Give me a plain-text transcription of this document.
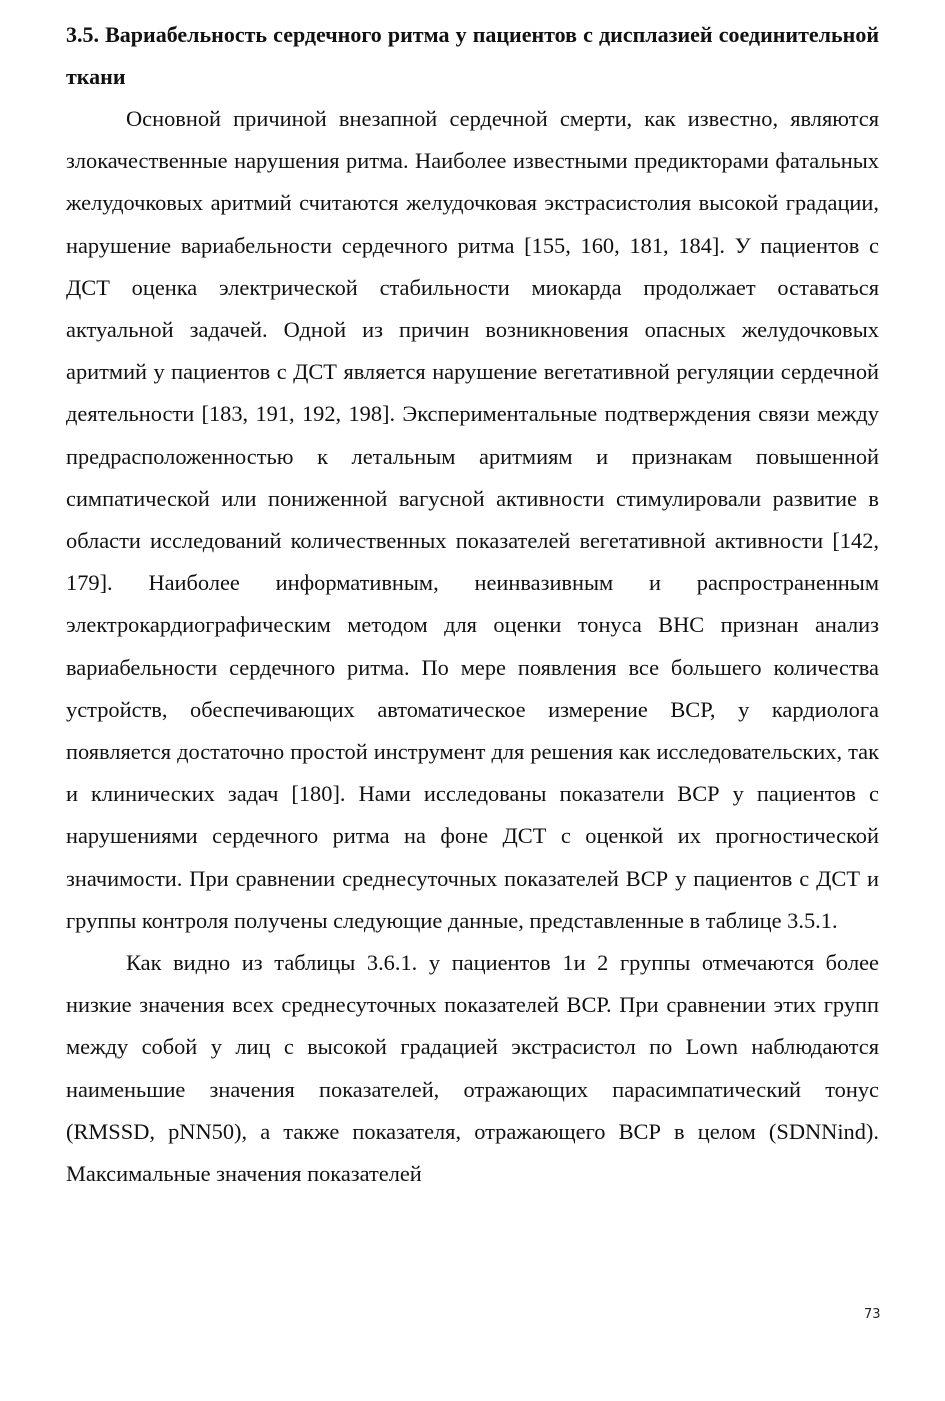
3.5. Вариабельность сердечного ритма у пациентов с дисплазией соединительной ткани

Основной причиной внезапной сердечной смерти, как известно, являются злокачественные нарушения ритма. Наиболее известными предикторами фатальных желудочковых аритмий считаются желудочковая экстрасистолия высокой градации, нарушение вариабельности сердечного ритма [155, 160, 181, 184]. У пациентов с ДСТ оценка электрической стабильности миокарда продолжает оставаться актуальной задачей. Одной из причин возникновения опасных желудочковых аритмий у пациентов с ДСТ является нарушение вегетативной регуляции сердечной деятельности [183, 191, 192, 198]. Экспериментальные подтверждения связи между предрасположенностью к летальным аритмиям и признакам повышенной симпатической или пониженной вагусной активности стимулировали развитие в области исследований количественных показателей вегетативной активности [142, 179]. Наиболее информативным, неинвазивным и распространенным электрокардиографическим методом для оценки тонуса ВНС признан анализ вариабельности сердечного ритма. По мере появления все большего количества устройств, обеспечивающих автоматическое измерение ВСР, у кардиолога появляется достаточно простой инструмент для решения как исследовательских, так и клинических задач [180]. Нами исследованы показатели ВСР у пациентов с нарушениями сердечного ритма на фоне ДСТ с оценкой их прогностической значимости. При сравнении среднесуточных показателей ВСР у пациентов с ДСТ и группы контроля получены следующие данные, представленные в таблице 3.5.1.

Как видно из таблицы 3.6.1. у пациентов 1и 2 группы отмечаются более низкие значения всех среднесуточных показателей ВСР. При сравнении этих групп между собой у лиц с высокой градацией экстрасистол по Lown наблюдаются наименьшие значения показателей, отражающих парасимпатический тонус (RMSSD, pNN50), а также показателя, отражающего ВСР в целом (SDNNind). Максимальные значения показателей

73
